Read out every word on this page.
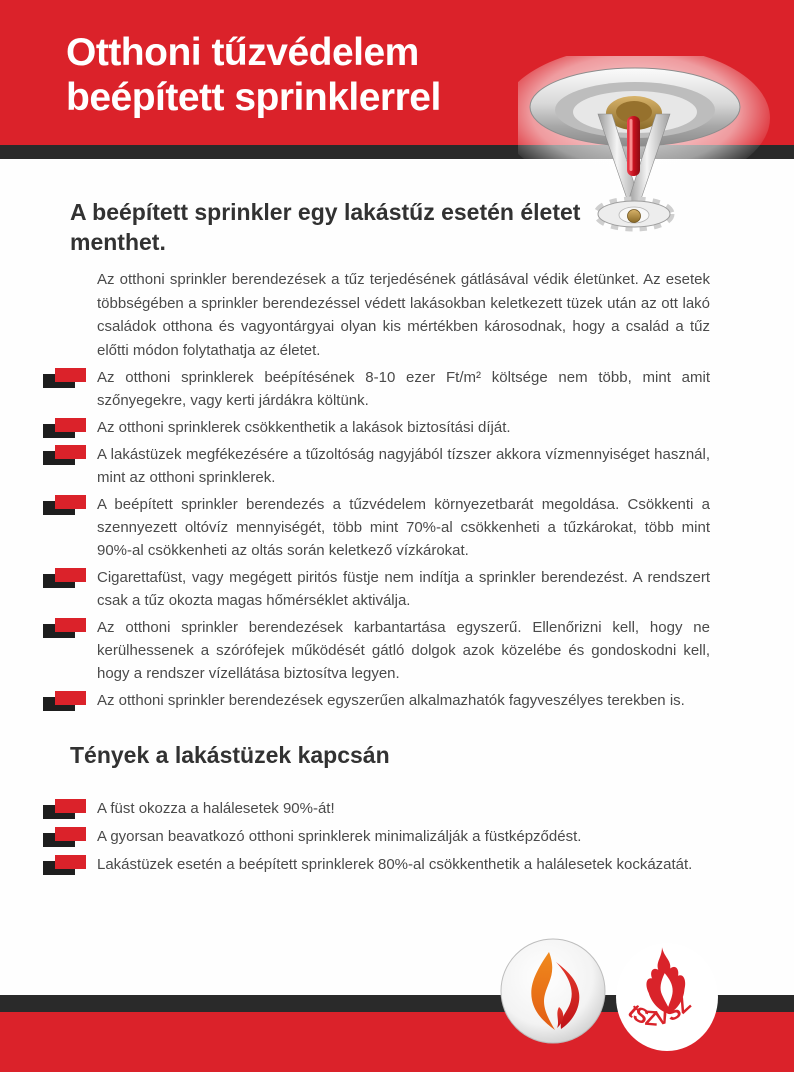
Otthoni tűzvédelem
beépített sprinklerrel
A beépített sprinkler egy lakástűz esetén életet menthet.

Az otthoni sprinkler berendezések a tűz terjedésének gátlásával védik életünket. Az esetek többségében a sprinkler berendezéssel védett lakásokban keletkezett tüzek után az ott lakó családok otthona és vagyontárgyai olyan kis mértékben károsodnak, hogy a család a tűz előtti módon folytathatja az életet.

Az otthoni sprinklerek beépítésének 8-10 ezer Ft/m² költsége nem több, mint amit szőnyegekre, vagy kerti járdákra költünk.
Az otthoni sprinklerek csökkenthetik a lakások biztosítási díját.
A lakástüzek megfékezésére a tűzoltóság nagyjából tízszer akkora vízmennyiséget használ, mint az otthoni sprinklerek.
A beépített sprinkler berendezés a tűzvédelem környezetbarát megoldása. Csökkenti a szennyezett oltóvíz mennyiségét, több mint 70%-al csökkenheti a tűzkárokat, több mint 90%-al csökkenheti az oltás során keletkező vízkárokat.
Cigarettafüst, vagy megégett piritós füstje nem indítja a sprinkler berendezést. A rendszert csak a tűz okozta magas hőmérséklet aktiválja.
Az otthoni sprinkler berendezések karbantartása egyszerű. Ellenőrizni kell, hogy ne kerülhessenek a szórófejek működését gátló dolgok azok közelébe és gondoskodni kell, hogy a rendszer vízellátása biztosítva legyen.
Az otthoni sprinkler berendezések egyszerűen alkalmazhatók fagyveszélyes terekben is.
Tények a lakástüzek kapcsán
A füst okozza a halálesetek 90%-át!
A gyorsan beavatkozó otthoni sprinklerek minimalizálják a füstképződést.
Lakástüzek esetén a beépített sprinklerek 80%-al csökkenthetik a halálesetek kockázatát.
tSZVSZ
